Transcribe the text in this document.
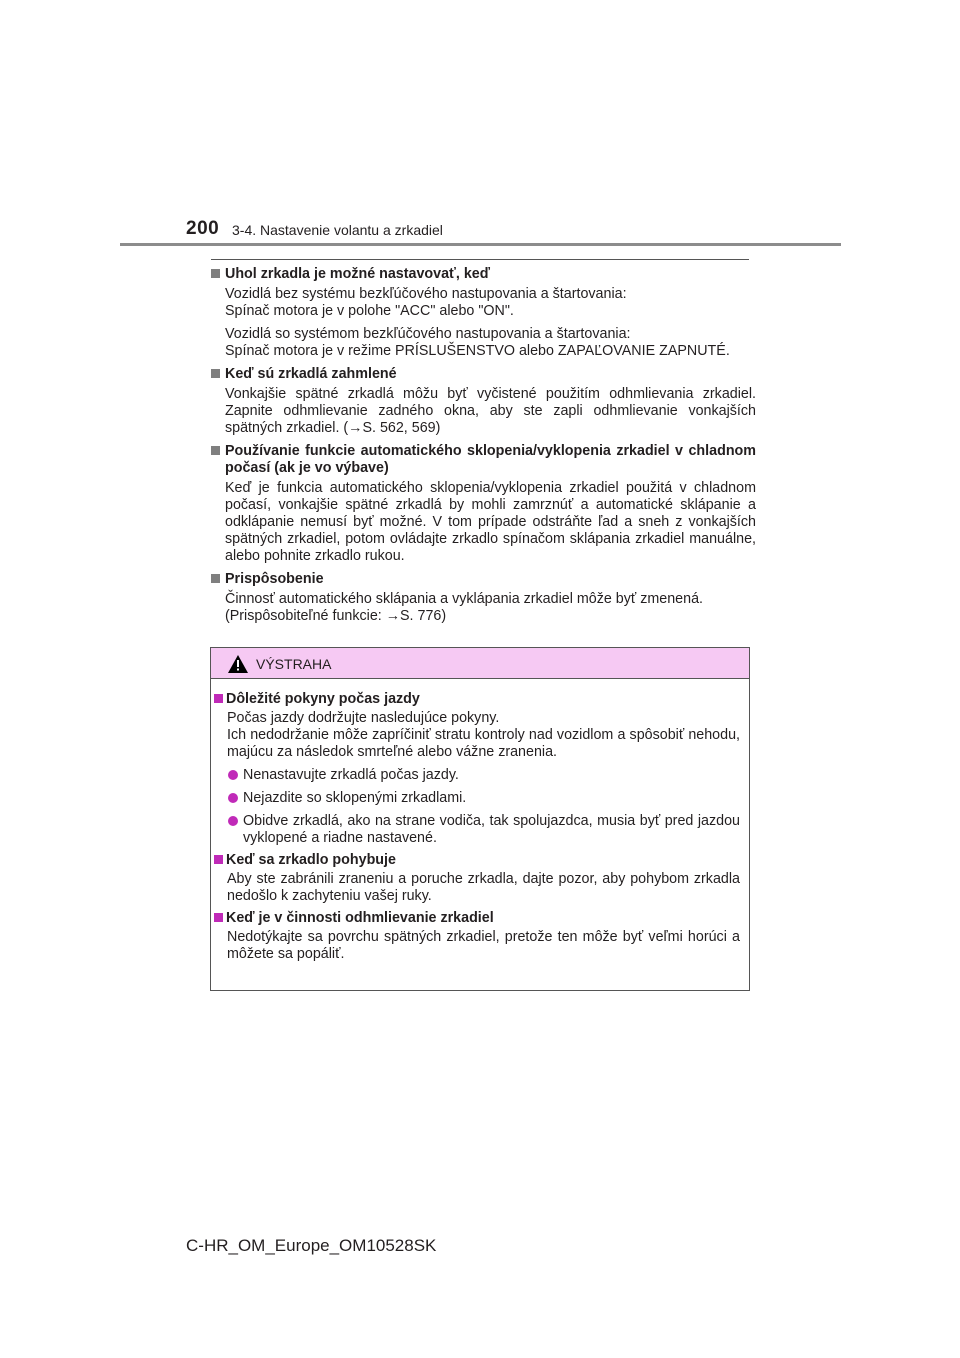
200 3-4. Nastavenie volantu a zrkadiel
Uhol zrkadla je možné nastavovať, keď
Vozidlá bez systému bezkľúčového nastupovania a štartovania:
Spínač motora je v polohe "ACC" alebo "ON".
Vozidlá so systémom bezkľúčového nastupovania a štartovania:
Spínač motora je v režime PRÍSLUŠENSTVO alebo ZAPAĽOVANIE ZAPNUTÉ.
Keď sú zrkadlá zahmlené
Vonkajšie spätné zrkadlá môžu byť vyčistené použitím odhmlievania zrkadiel. Zapnite odhmlievanie zadného okna, aby ste zapli odhmlievanie vonkajších spätných zrkadiel. (→S. 562, 569)
Používanie funkcie automatického sklopenia/vyklopenia zrkadiel v chladnom počasí (ak je vo výbave)
Keď je funkcia automatického sklopenia/vyklopenia zrkadiel použitá v chladnom počasí, vonkajšie spätné zrkadlá by mohli zamrznúť a automatické sklápanie a odklápanie nemusí byť možné. V tom prípade odstráňte ľad a sneh z vonkajších spätných zrkadiel, potom ovládajte zrkadlo spínačom sklápania zrkadiel manuálne, alebo pohnite zrkadlo rukou.
Prispôsobenie
Činnosť automatického sklápania a vyklápania zrkadiel môže byť zmenená.
(Prispôsobiteľné funkcie: →S. 776)
VÝSTRAHA
Dôležité pokyny počas jazdy
Počas jazdy dodržujte nasledujúce pokyny.
Ich nedodržanie môže zapríčiniť stratu kontroly nad vozidlom a spôsobiť nehodu, majúcu za následok smrteľné alebo vážne zranenia.
Nenastavujte zrkadlá počas jazdy.
Nejazdite so sklopenými zrkadlami.
Obidve zrkadlá, ako na strane vodiča, tak spolujazdca, musia byť pred jazdou vyklopené a riadne nastavené.
Keď sa zrkadlo pohybuje
Aby ste zabránili zraneniu a poruche zrkadla, dajte pozor, aby pohybom zrkadla nedošlo k zachyteniu vašej ruky.
Keď je v činnosti odhmlievanie zrkadiel
Nedotýkajte sa povrchu spätných zrkadiel, pretože ten môže byť veľmi horúci a môžete sa popáliť.
C-HR_OM_Europe_OM10528SK
